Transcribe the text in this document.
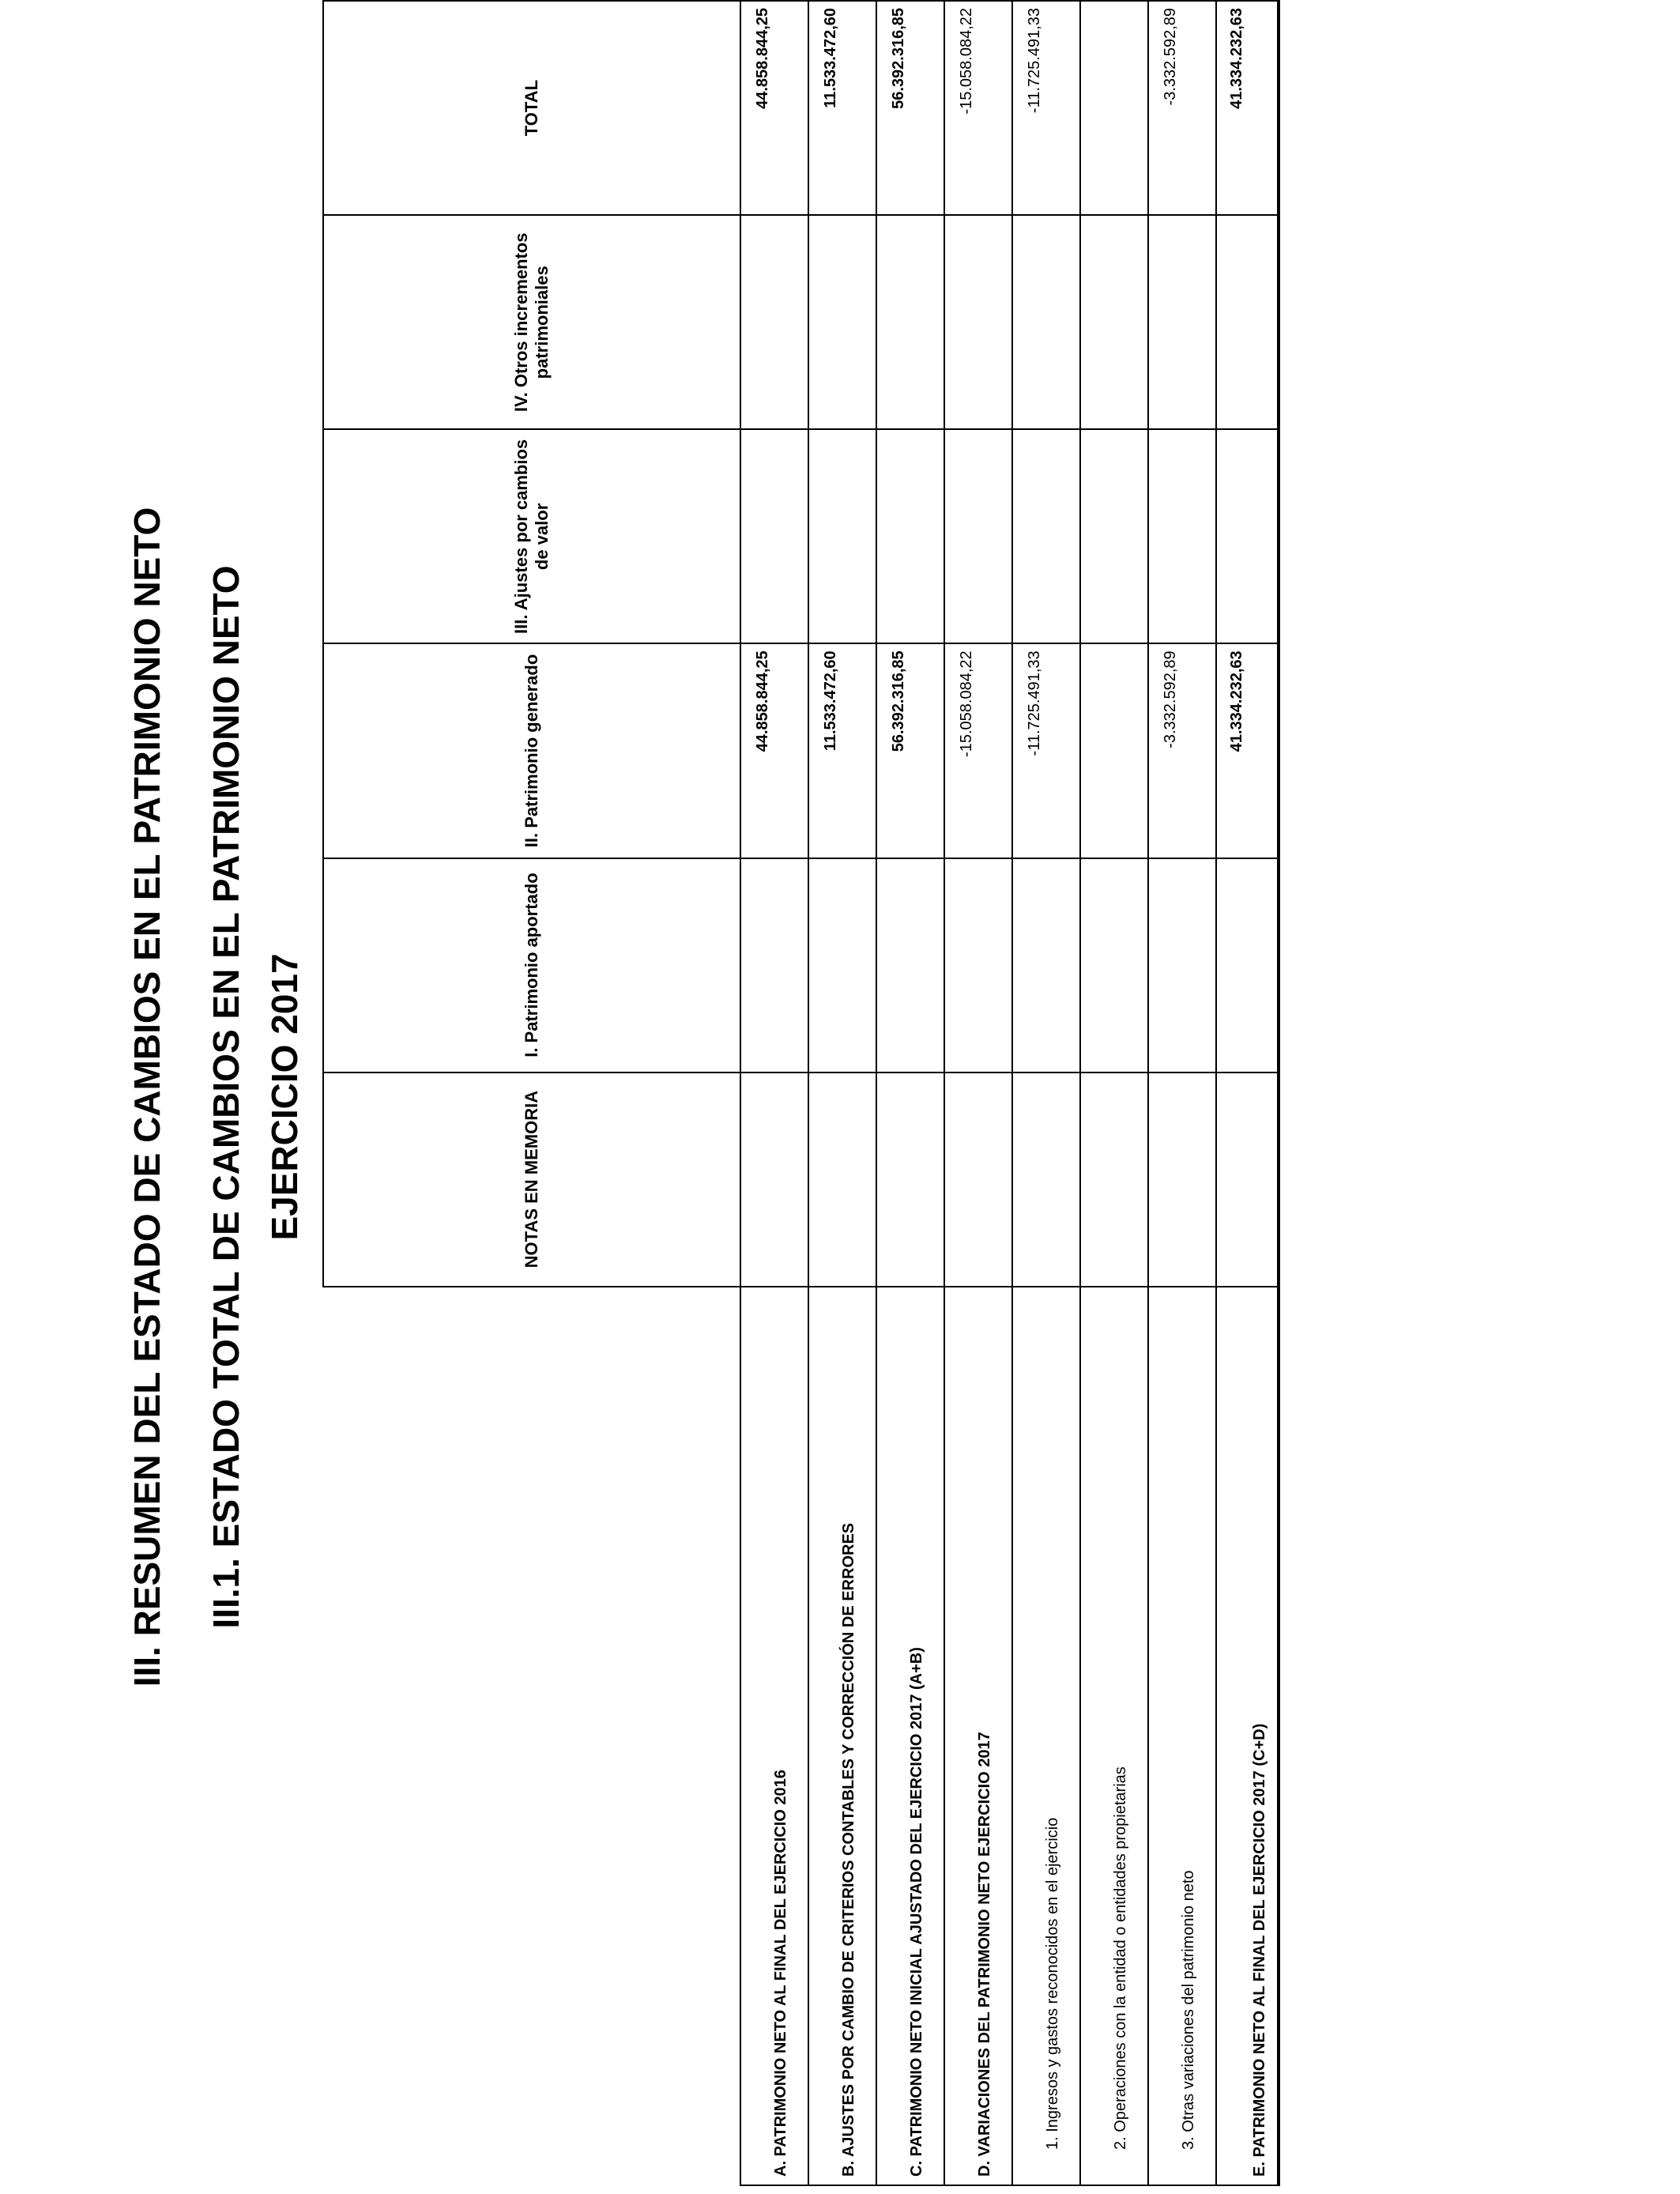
III. RESUMEN DEL ESTADO DE CAMBIOS EN EL PATRIMONIO NETO III.1. ESTADO TOTAL DE CAMBIOS EN EL PATRIMONIO NETO EJERCICIO 2017
		NOTAS EN MEMORIA	I. Patrimonio aportado	II. Patrimonio generado	III. Ajustes por cambios de valor	IV. Otros incrementos patrimoniales	TOTAL
A. PATRIMONIO NETO AL FINAL DEL EJERCICIO 2016			44.858.844,25			44.858.844,25
B. AJUSTES POR CAMBIO DE CRITERIOS CONTABLES Y CORRECCIÓN DE ERRORES			11.533.472,60			11.533.472,60
C. PATRIMONIO NETO INICIAL AJUSTADO DEL EJERCICIO 2017 (A+B)			56.392.316,85			56.392.316,85
D. VARIACIONES DEL PATRIMONIO NETO EJERCICIO 2017			-15.058.084,22			-15.058.084,22
1. Ingresos y gastos reconocidos en el ejercicio			-11.725.491,33			-11.725.491,33
2. Operaciones con la entidad o entidades propietarias						
3. Otras variaciones del patrimonio neto			-3.332.592,89			-3.332.592,89
E. PATRIMONIO NETO AL FINAL DEL EJERCICIO 2017 (C+D)			41.334.232,63			41.334.232,63
